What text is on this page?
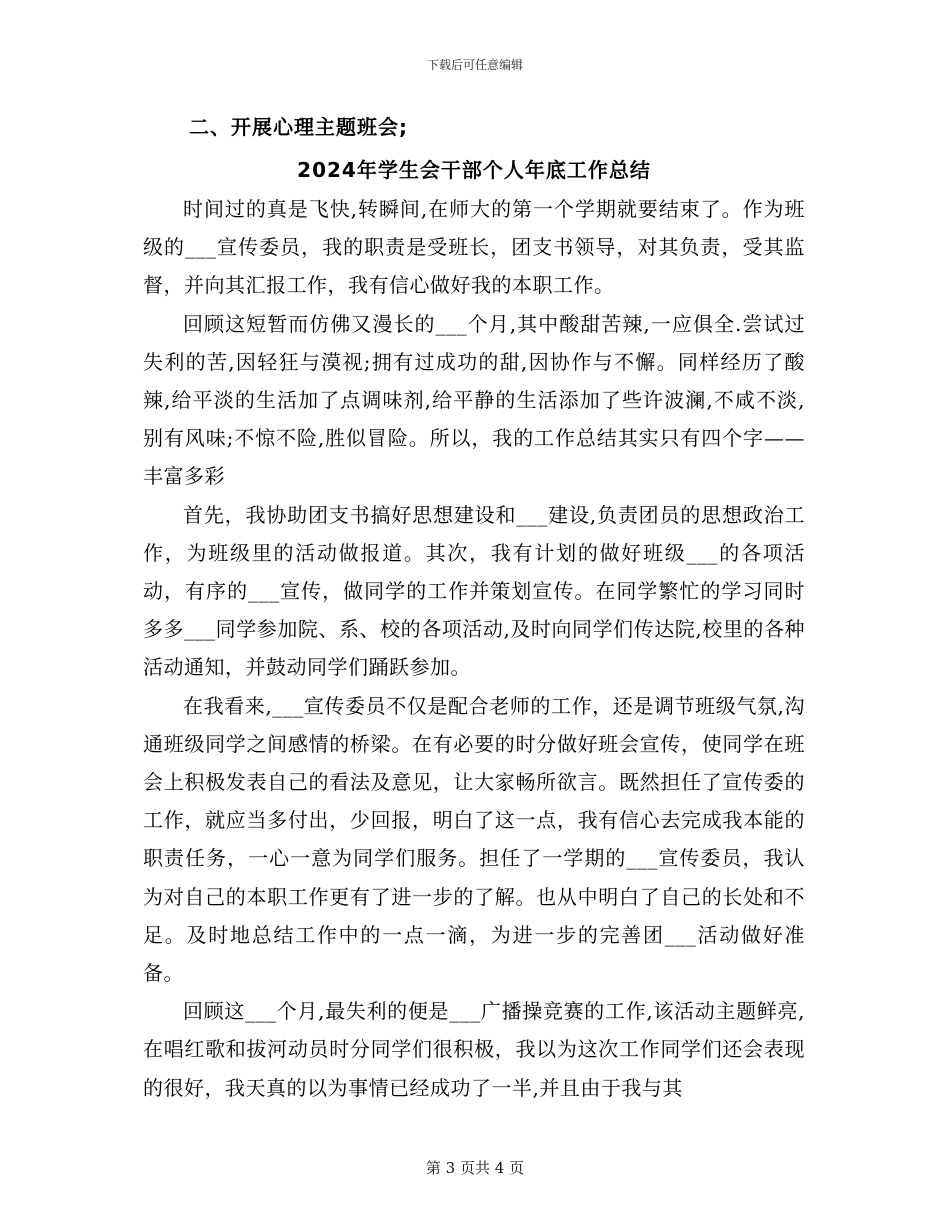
下载后可任意编辑

二、开展心理主题班会;

2024年学生会干部个人年底工作总结

时间过的真是飞快,转瞬间,在师大的第一个学期就要结束了。作为班级的___宣传委员，我的职责是受班长，团支书领导，对其负责，受其监督，并向其汇报工作，我有信心做好我的本职工作。

回顾这短暂而仿佛又漫长的___个月,其中酸甜苦辣,一应俱全.尝试过失利的苦,因轻狂与漠视;拥有过成功的甜,因协作与不懈。同样经历了酸辣,给平淡的生活加了点调味剂,给平静的生活添加了些许波澜,不咸不淡,别有风味;不惊不险,胜似冒险。所以，我的工作总结其实只有四个字——丰富多彩

首先，我协助团支书搞好思想建设和___建设,负责团员的思想政治工作，为班级里的活动做报道。其次，我有计划的做好班级___的各项活动，有序的___宣传，做同学的工作并策划宣传。在同学繁忙的学习同时多多___同学参加院、系、校的各项活动,及时向同学们传达院,校里的各种活动通知，并鼓动同学们踊跃参加。

在我看来,___宣传委员不仅是配合老师的工作，还是调节班级气氛,沟通班级同学之间感情的桥梁。在有必要的时分做好班会宣传，使同学在班会上积极发表自己的看法及意见，让大家畅所欲言。既然担任了宣传委的工作，就应当多付出，少回报，明白了这一点，我有信心去完成我本能的职责任务，一心一意为同学们服务。担任了一学期的___宣传委员，我认为对自己的本职工作更有了进一步的了解。也从中明白了自己的长处和不足。及时地总结工作中的一点一滴，为进一步的完善团___活动做好准备。

回顾这___个月,最失利的便是___广播操竞赛的工作,该活动主题鲜亮,在唱红歌和拔河动员时分同学们很积极，我以为这次工作同学们还会表现的很好，我天真的以为事情已经成功了一半,并且由于我与其

第 3 页共 4 页
